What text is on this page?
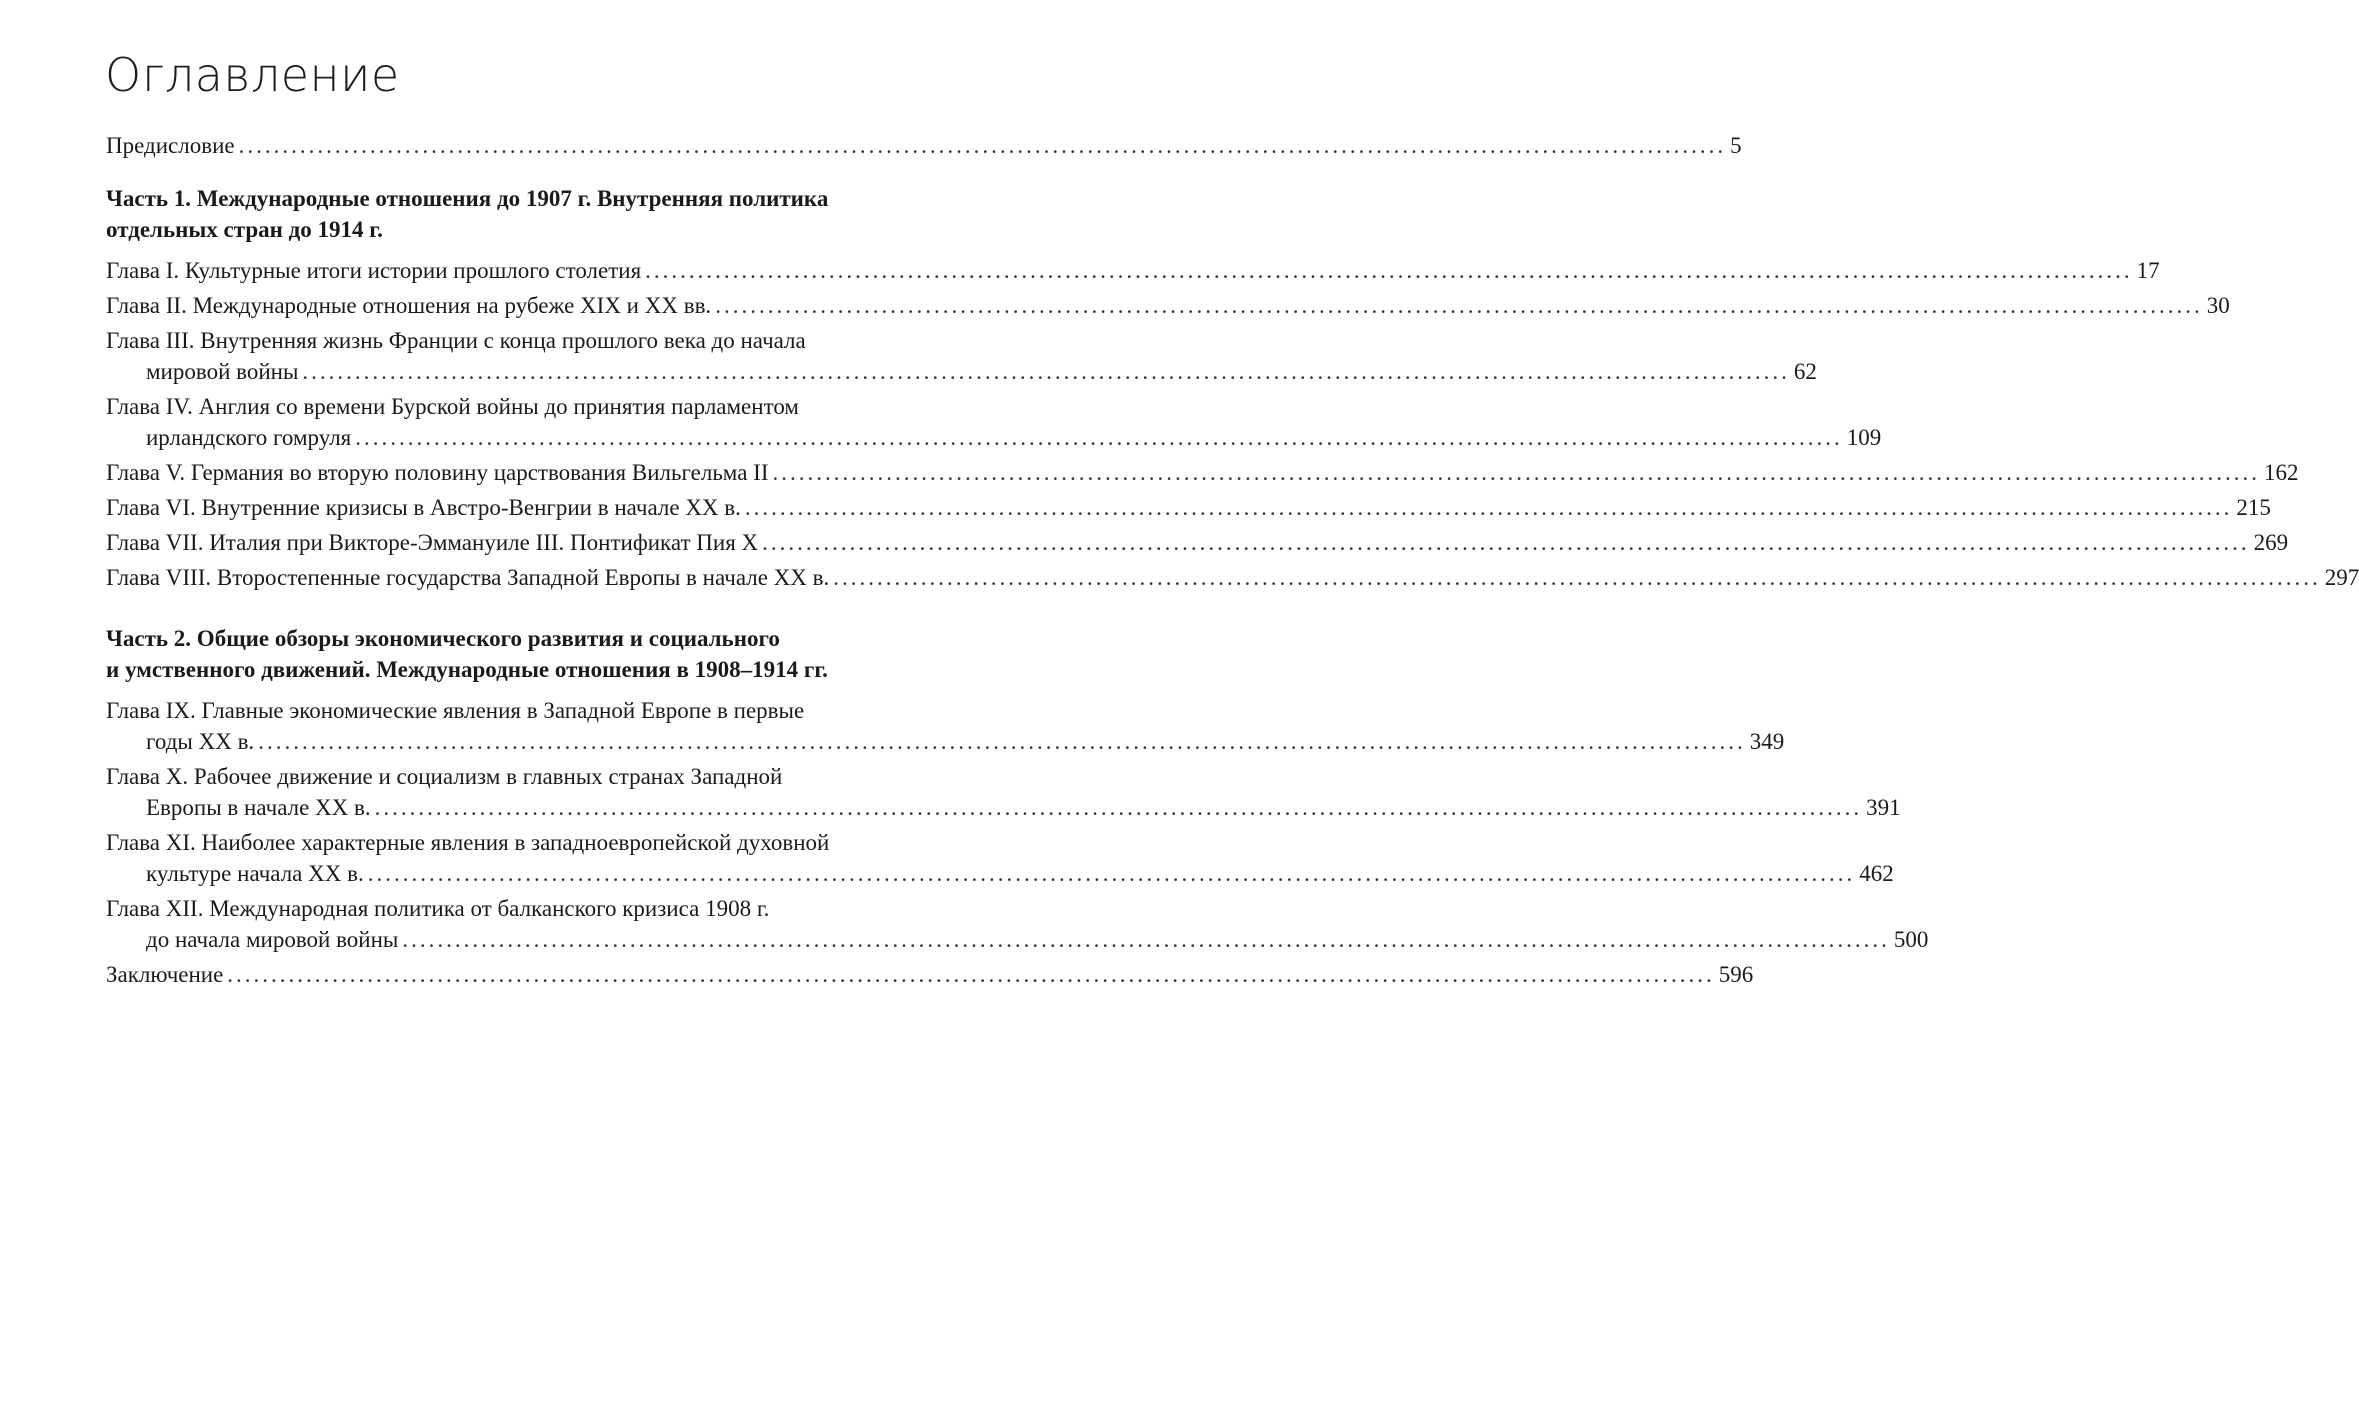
Оглавление
Предисловие .......................................................................................................................................................................... 5
Часть 1. Международные отношения до 1907 г. Внутренняя политика
отдельных стран до 1914 г.
Глава I. Культурные итоги истории прошлого столетия .......................................................................................................................................................................... 17
Глава II. Международные отношения на рубеже XIX и XX вв. .......................................................................................................................................................................... 30
Глава III. Внутренняя жизнь Франции с конца прошлого века до начала
мировой войны .......................................................................................................................................................................... 62
Глава IV. Англия со времени Бурской войны до принятия парламентом
ирландского гомруля .......................................................................................................................................................................... 109
Глава V. Германия во вторую половину царствования Вильгельма II .......................................................................................................................................................................... 162
Глава VI. Внутренние кризисы в Австро-Венгрии в начале XX в. .......................................................................................................................................................................... 215
Глава VII. Италия при Викторе-Эммануиле III. Понтификат Пия X .......................................................................................................................................................................... 269
Глава VIII. Второстепенные государства Западной Европы в начале XX в. .......................................................................................................................................................................... 297
Часть 2. Общие обзоры экономического развития и социального
и умственного движений. Международные отношения в 1908–1914 гг.
Глава IX. Главные экономические явления в Западной Европе в первые
годы XX в. .......................................................................................................................................................................... 349
Глава X. Рабочее движение и социализм в главных странах Западной
Европы в начале XX в. .......................................................................................................................................................................... 391
Глава XI. Наиболее характерные явления в западноевропейской духовной
культуре начала XX в. .......................................................................................................................................................................... 462
Глава XII. Международная политика от балканского кризиса 1908 г.
до начала мировой войны .......................................................................................................................................................................... 500
Заключение .......................................................................................................................................................................... 596
